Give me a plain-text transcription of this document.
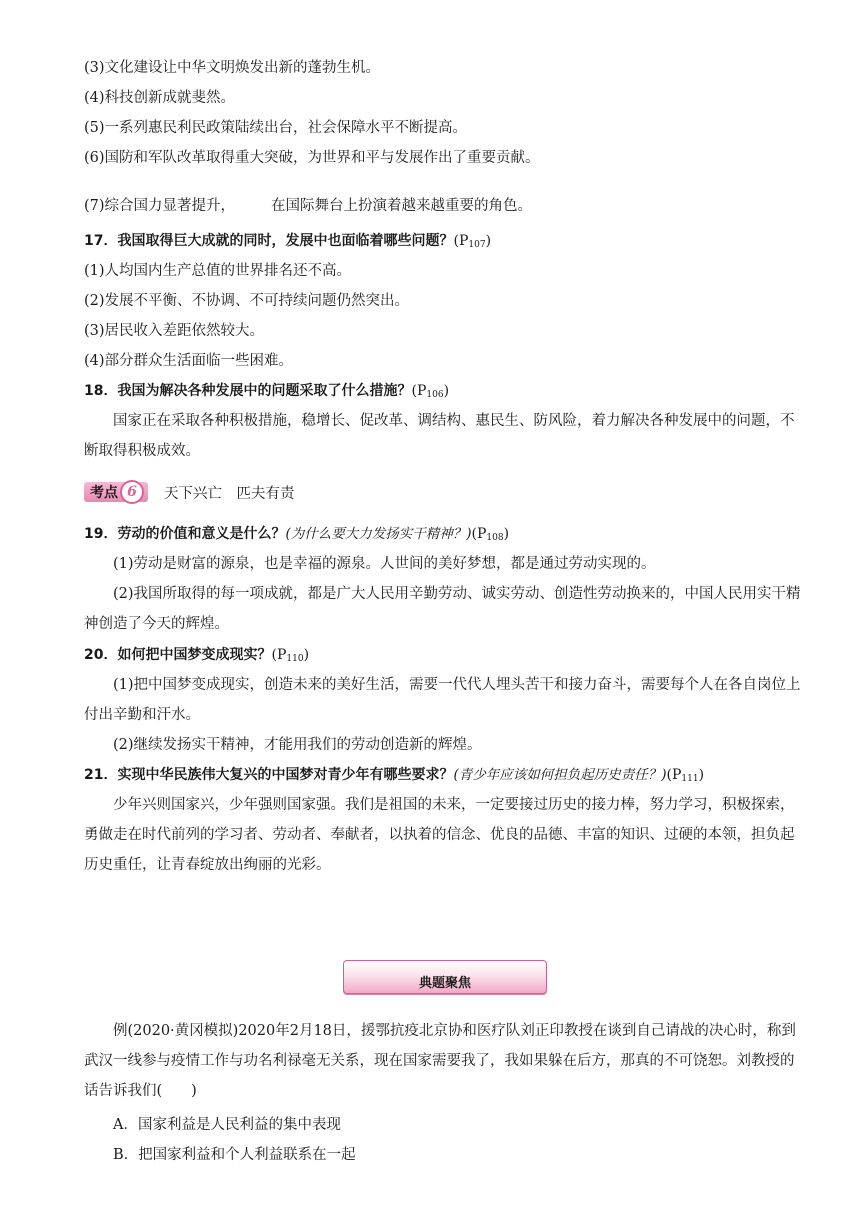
(3)文化建设让中华文明焕发出新的蓬勃生机。
(4)科技创新成就斐然。
(5)一系列惠民利民政策陆续出台，社会保障水平不断提高。
(6)国防和军队改革取得重大突破，为世界和平与发展作出了重要贡献。
(7)综合国力显著提升， 在国际舞台上扮演着越来越重要的角色。
17．我国取得巨大成就的同时，发展中也面临着哪些问题？$(P_{107})$
(1)人均国内生产总值的世界排名还不高。
(2)发展不平衡、不协调、不可持续问题仍然突出。
(3)居民收入差距依然较大。
(4)部分群众生活面临一些困难。
18．我国为解决各种发展中的问题采取了什么措施？$(P_{106})$
国家正在采取各种积极措施，稳增长、促改革、调结构、惠民生、防风险，着力解决各种发展中的问题，不断取得积极成效。
考点 6	天下兴亡　匹夫有责
19．劳动的价值和意义是什么？(为什么要大力发扬实干精神？)$(P_{108})$
(1)劳动是财富的源泉，也是幸福的源泉。人世间的美好梦想，都是通过劳动实现的。
(2)我国所取得的每一项成就，都是广大人民用辛勤劳动、诚实劳动、创造性劳动换来的，中国人民用实干精神创造了今天的辉煌。
20．如何把中国梦变成现实？$(P_{110})$
(1)把中国梦变成现实，创造未来的美好生活，需要一代代人埋头苦干和接力奋斗，需要每个人在各自岗位上付出辛勤和汗水。
(2)继续发扬实干精神，才能用我们的劳动创造新的辉煌。
21．实现中华民族伟大复兴的中国梦对青少年有哪些要求？(青少年应该如何担负起历史责任？)$(P_{111})$
少年兴则国家兴，少年强则国家强。我们是祖国的未来，一定要接过历史的接力棒，努力学习，积极探索，勇做走在时代前列的学习者、劳动者、奉献者，以执着的信念、优良的品德、丰富的知识、过硬的本领，担负起历史重任，让青春绽放出绚丽的光彩。
典题聚焦
例(2020·黄冈模拟)2020年2月18日，援鄂抗疫北京协和医疗队刘正印教授在谈到自己请战的决心时，称到武汉一线参与疫情工作与功名利禄毫无关系，现在国家需要我了，我如果躲在后方，那真的不可饶恕。刘教授的话告诉我们(　　)
A．国家利益是人民利益的集中表现
B．把国家利益和个人利益联系在一起
